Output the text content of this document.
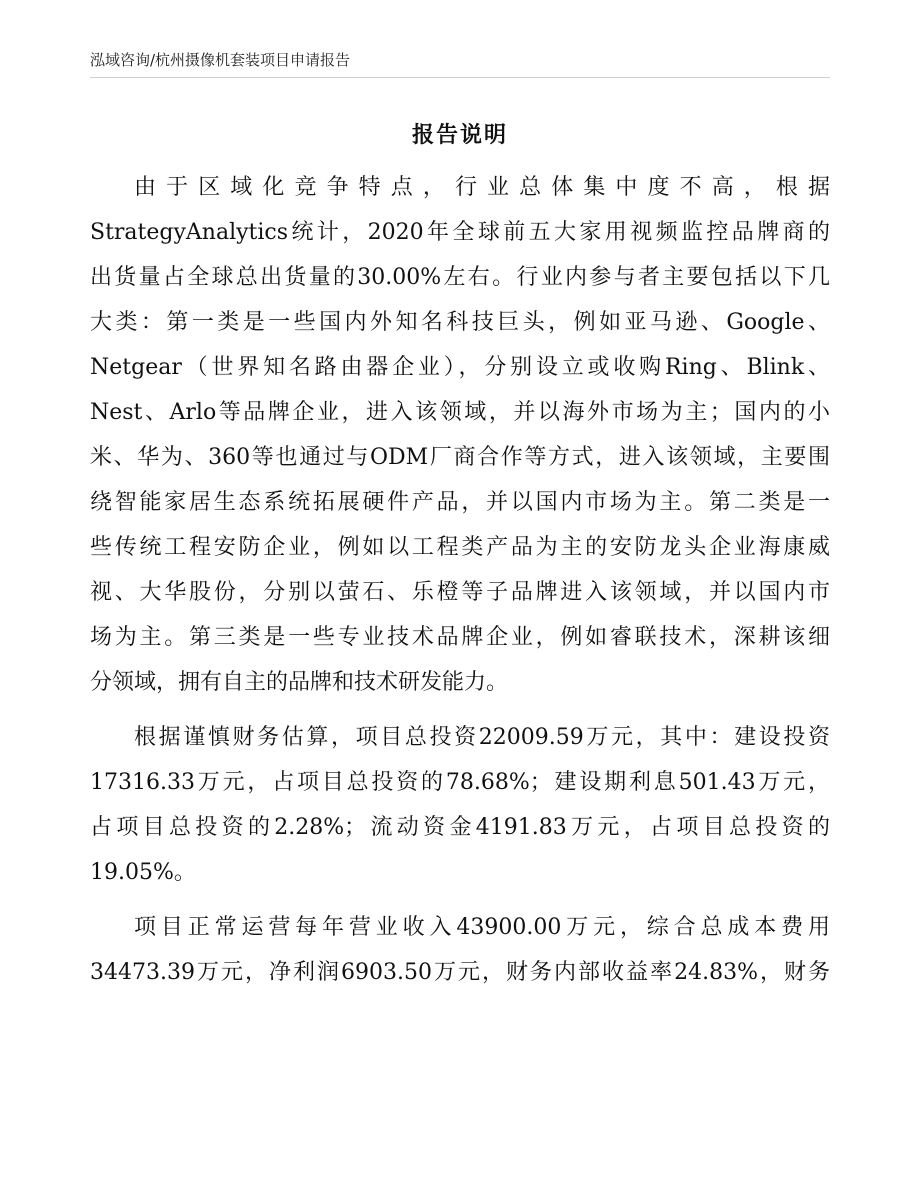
泓域咨询/杭州摄像机套装项目申请报告
报告说明
由于区域化竞争特点，行业总体集中度不高，根据
StrategyAnalytics统计，2020年全球前五大家用视频监控品牌商的
出货量占全球总出货量的30.00%左右。行业内参与者主要包括以下几
大类：第一类是一些国内外知名科技巨头，例如亚马逊、Google、
Netgear（世界知名路由器企业），分别设立或收购Ring、Blink、
Nest、Arlo等品牌企业，进入该领域，并以海外市场为主；国内的小
米、华为、360等也通过与ODM厂商合作等方式，进入该领域，主要围
绕智能家居生态系统拓展硬件产品，并以国内市场为主。第二类是一
些传统工程安防企业，例如以工程类产品为主的安防龙头企业海康威
视、大华股份，分别以萤石、乐橙等子品牌进入该领域，并以国内市
场为主。第三类是一些专业技术品牌企业，例如睿联技术，深耕该细
分领域，拥有自主的品牌和技术研发能力。
根据谨慎财务估算，项目总投资22009.59万元，其中：建设投资
17316.33万元，占项目总投资的78.68%；建设期利息501.43万元，
占项目总投资的2.28%；流动资金4191.83万元，占项目总投资的
19.05%。
项目正常运营每年营业收入43900.00万元，综合总成本费用
34473.39万元，净利润6903.50万元，财务内部收益率24.83%，财务
